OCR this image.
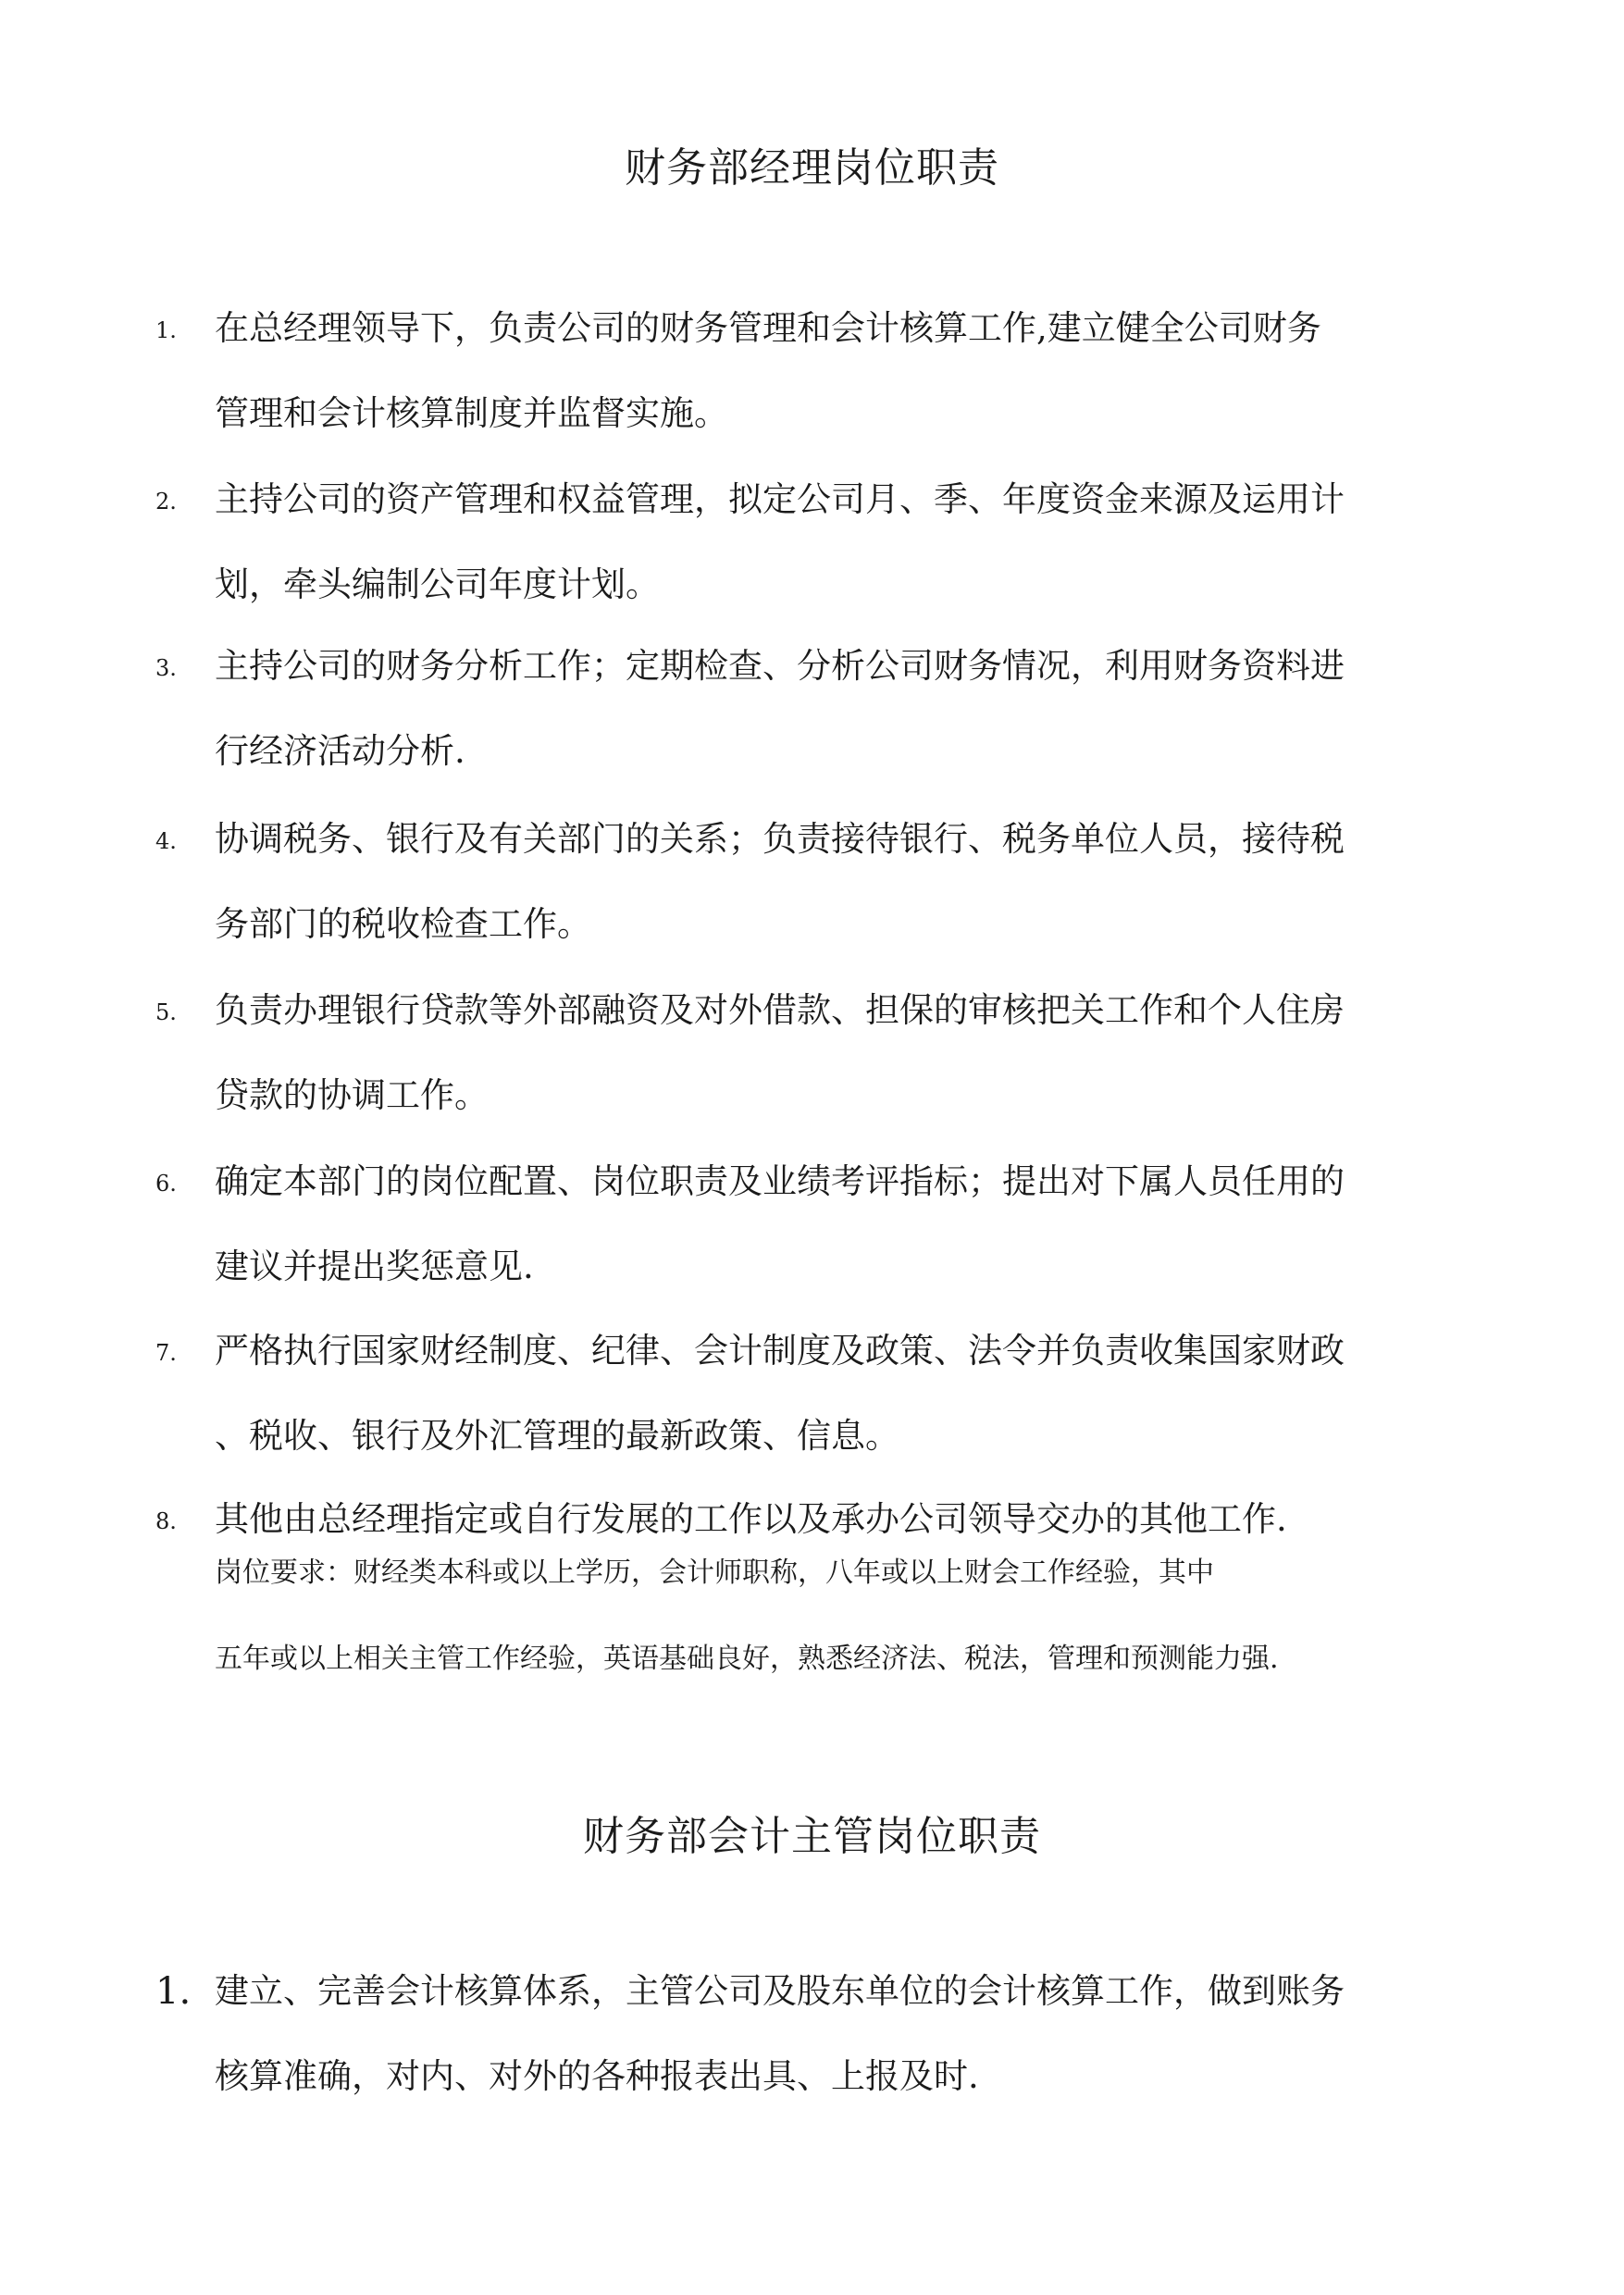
财务部经理岗位职责
1. 在总经理领导下，负责公司的财务管理和会计核算工作,建立健全公司财务
管理和会计核算制度并监督实施。
2. 主持公司的资产管理和权益管理，拟定公司月、季、年度资金来源及运用计
划，牵头编制公司年度计划。
3. 主持公司的财务分析工作；定期检查、分析公司财务情况，利用财务资料进
行经济活动分析.
4. 协调税务、银行及有关部门的关系；负责接待银行、税务单位人员，接待税
务部门的税收检查工作。
5. 负责办理银行贷款等外部融资及对外借款、担保的审核把关工作和个人住房
贷款的协调工作。
6. 确定本部门的岗位配置、岗位职责及业绩考评指标；提出对下属人员任用的
建议并提出奖惩意见.
7. 严格执行国家财经制度、纪律、会计制度及政策、法令并负责收集国家财政
、税收、银行及外汇管理的最新政策、信息。
8. 其他由总经理指定或自行发展的工作以及承办公司领导交办的其他工作.
岗位要求：财经类本科或以上学历，会计师职称，八年或以上财会工作经验，其中
五年或以上相关主管工作经验，英语基础良好，熟悉经济法、税法，管理和预测能力强.
财务部会计主管岗位职责
1. 建立、完善会计核算体系，主管公司及股东单位的会计核算工作，做到账务
核算准确，对内、对外的各种报表出具、上报及时.
